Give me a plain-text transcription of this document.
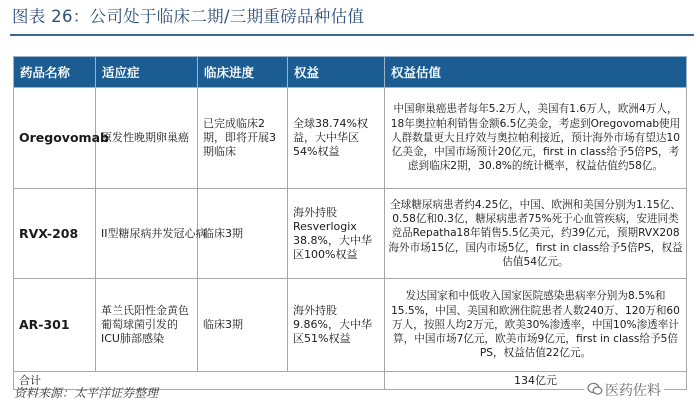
图表 26：公司处于临床二期/三期重磅品种估值
药品名称	适应症	临床进度	权益	权益估值
Oregovomab	原发性晚期卵巢癌	已完成临床2期，即将开展3期临床	全球38.74%权益，大中华区54%权益	中国卵巢癌患者每年5.2万人，美国有1.6万人，欧洲4万人，18年奥拉帕利销售金额6.5亿美金，考虑到Oregovomab使用人群数量更大且疗效与奥拉帕利接近，预计海外市场有望达10亿美金，中国市场预计20亿元，first in class给予5倍PS，考虑到临床2期，30.8%的统计概率，权益估值约58亿。
RVX-208	II型糖尿病并发冠心病	临床3期	海外持股Resverlogix 38.8%，大中华区100%权益	全球糖尿病患者约4.25亿，中国、欧洲和美国分别为1.15亿、0.58亿和0.3亿，糖尿病患者75%死于心血管疾病，安进同类竞品Repatha18年销售5.5亿美元，约39亿元，预期RVX208海外市场15亿，国内市场5亿，first in class给予5倍PS，权益估值54亿元。
AR-301	革兰氏阳性金黄色葡萄球菌引发的ICU肺部感染	临床3期	海外持股9.86%，大中华区51%权益	发达国家和中低收入国家医院感染患病率分别为8.5%和15.5%，中国、美国和欧洲住院患者人数240万、120万和60万人，按照人均2万元，欧美30%渗透率，中国10%渗透率计算，中国市场7亿元，欧美市场9亿元，first in class给予5倍PS，权益估值22亿元。
合计				134亿元
资料来源：太平洋证券整理	医药佐料
